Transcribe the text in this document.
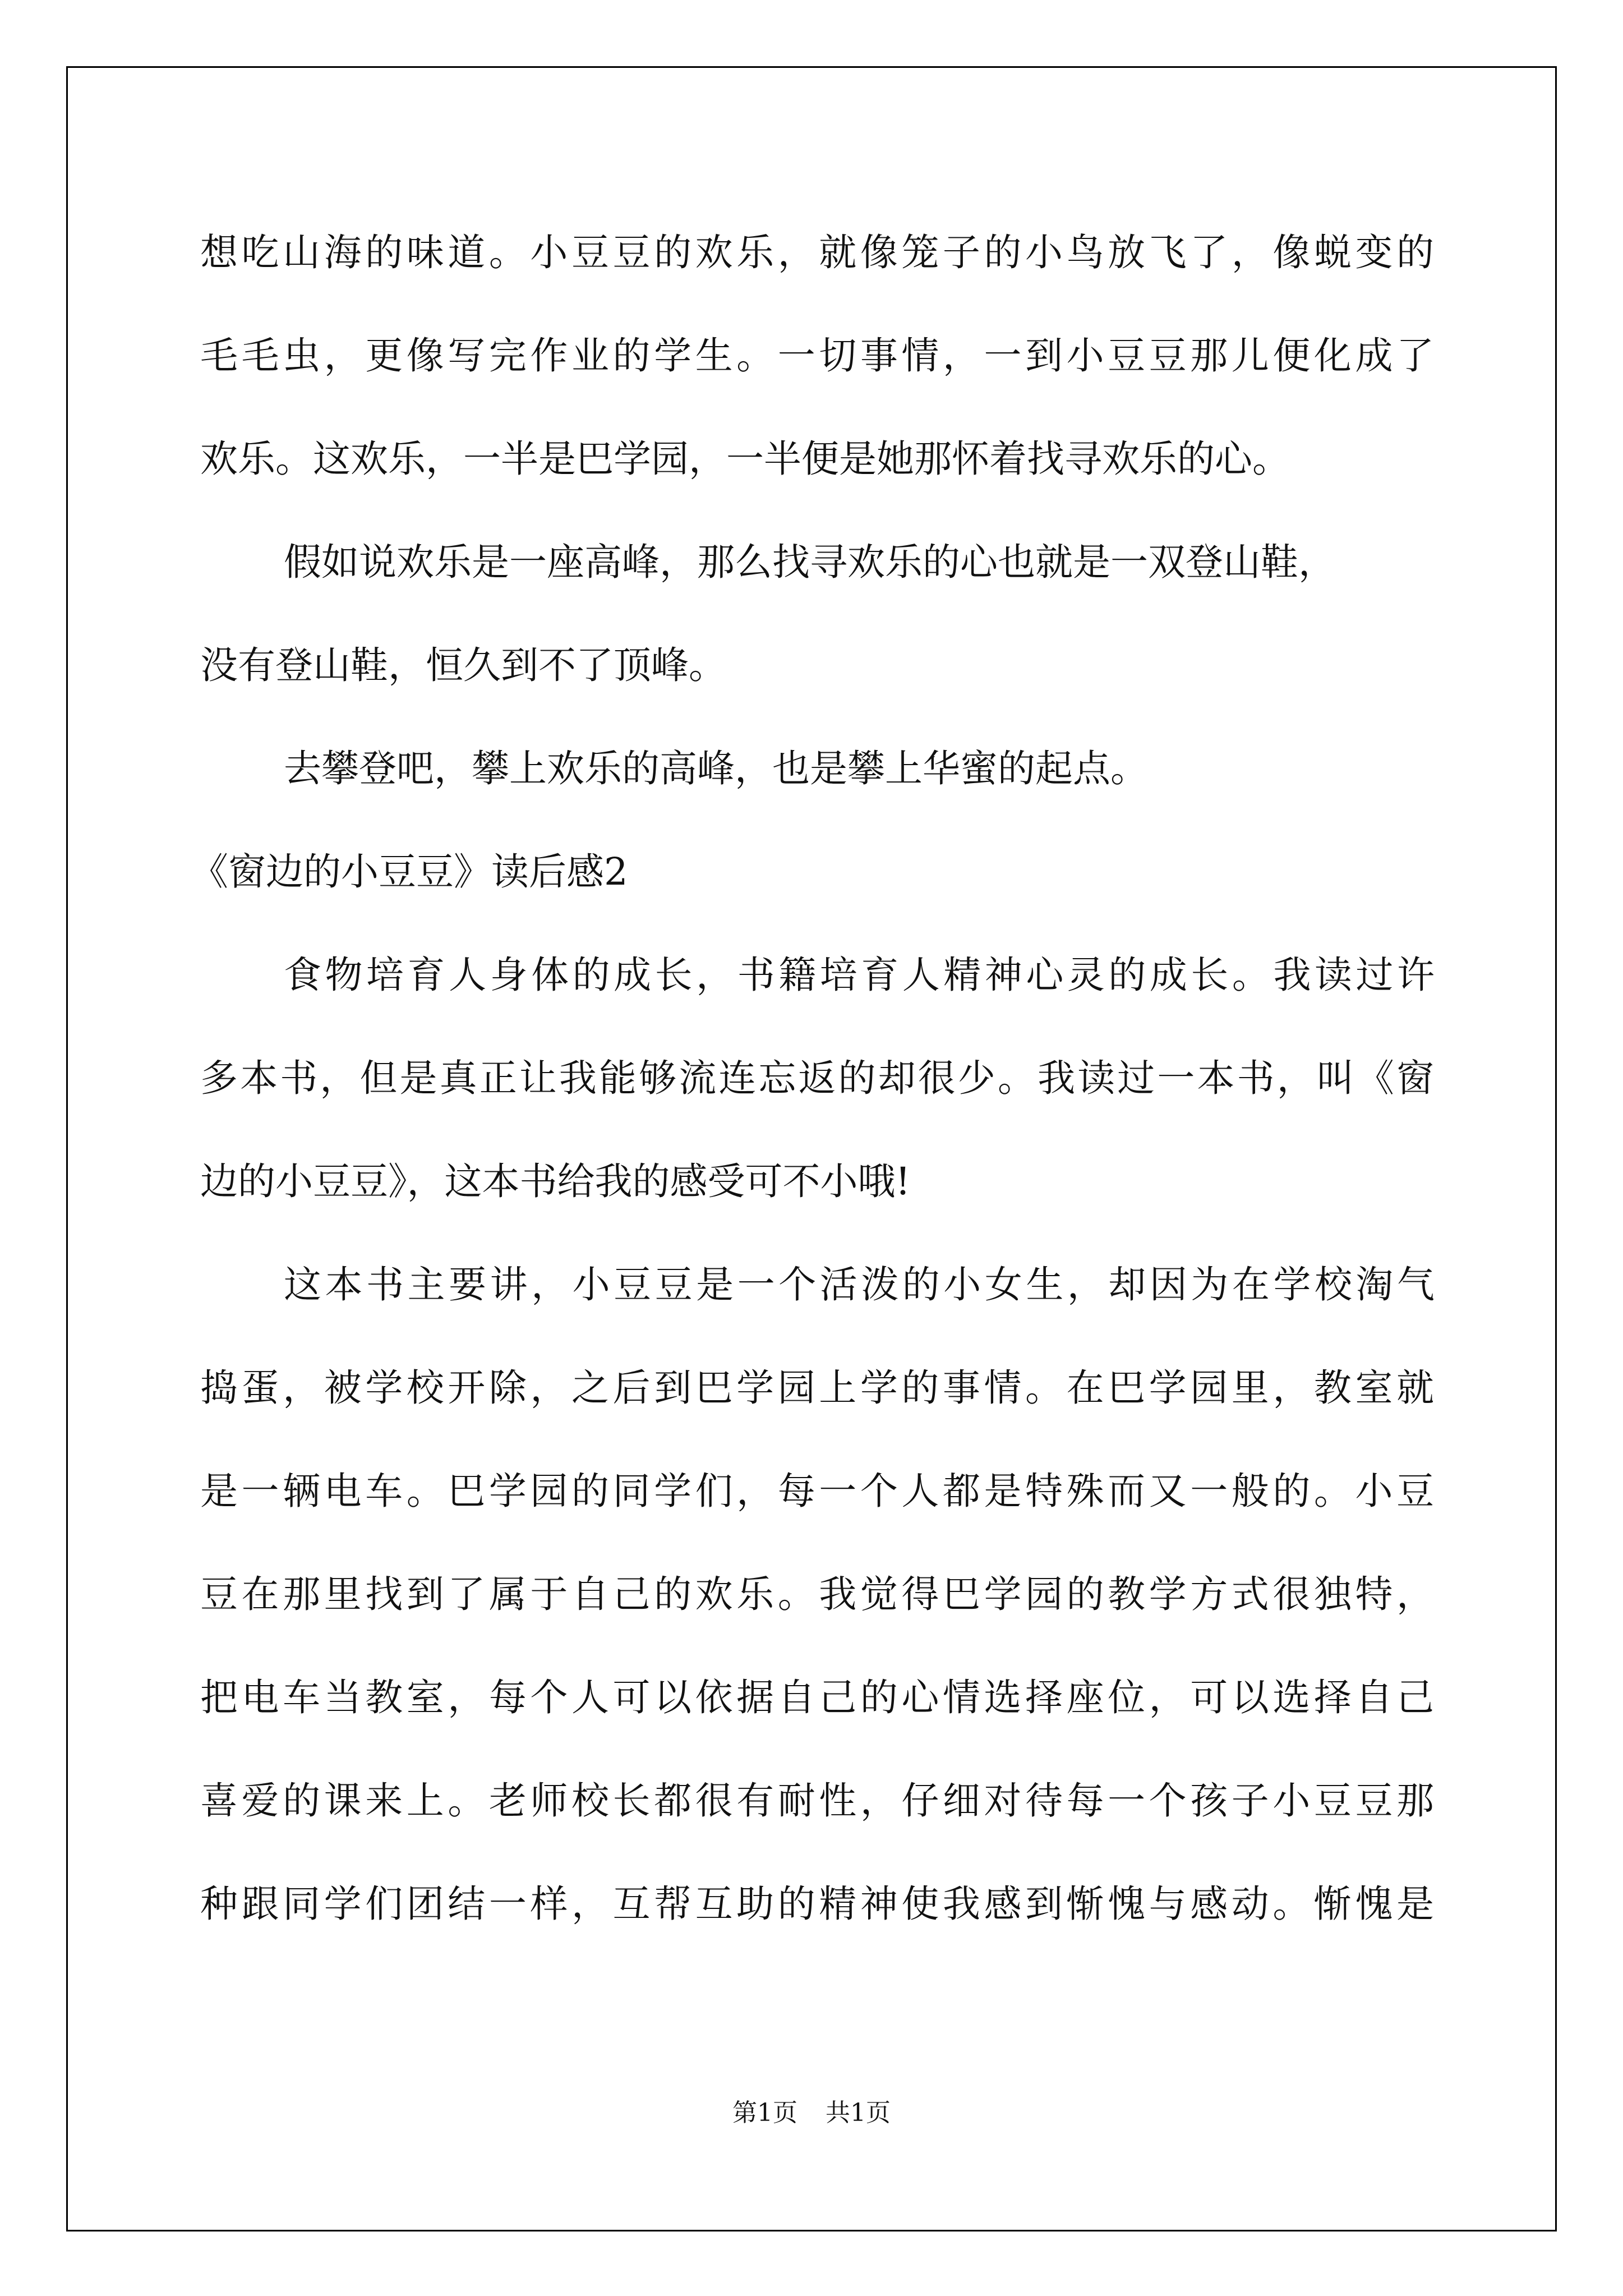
想吃山海的味道。小豆豆的欢乐，就像笼子的小鸟放飞了，像蜕变的
毛毛虫，更像写完作业的学生。一切事情，一到小豆豆那儿便化成了
欢乐。这欢乐，一半是巴学园，一半便是她那怀着找寻欢乐的心。
假如说欢乐是一座高峰，那么找寻欢乐的心也就是一双登山鞋，
没有登山鞋，恒久到不了顶峰。
去攀登吧，攀上欢乐的高峰，也是攀上华蜜的起点。
《窗边的小豆豆》读后感2
食物培育人身体的成长，书籍培育人精神心灵的成长。我读过许
多本书，但是真正让我能够流连忘返的却很少。我读过一本书，叫《窗
边的小豆豆》，这本书给我的感受可不小哦!
这本书主要讲，小豆豆是一个活泼的小女生，却因为在学校淘气
捣蛋，被学校开除，之后到巴学园上学的事情。在巴学园里，教室就
是一辆电车。巴学园的同学们，每一个人都是特殊而又一般的。小豆
豆在那里找到了属于自己的欢乐。我觉得巴学园的教学方式很独特，
把电车当教室，每个人可以依据自己的心情选择座位，可以选择自己
喜爱的课来上。老师校长都很有耐性，仔细对待每一个孩子小豆豆那
种跟同学们团结一样，互帮互助的精神使我感到惭愧与感动。惭愧是
第1页 共1页
